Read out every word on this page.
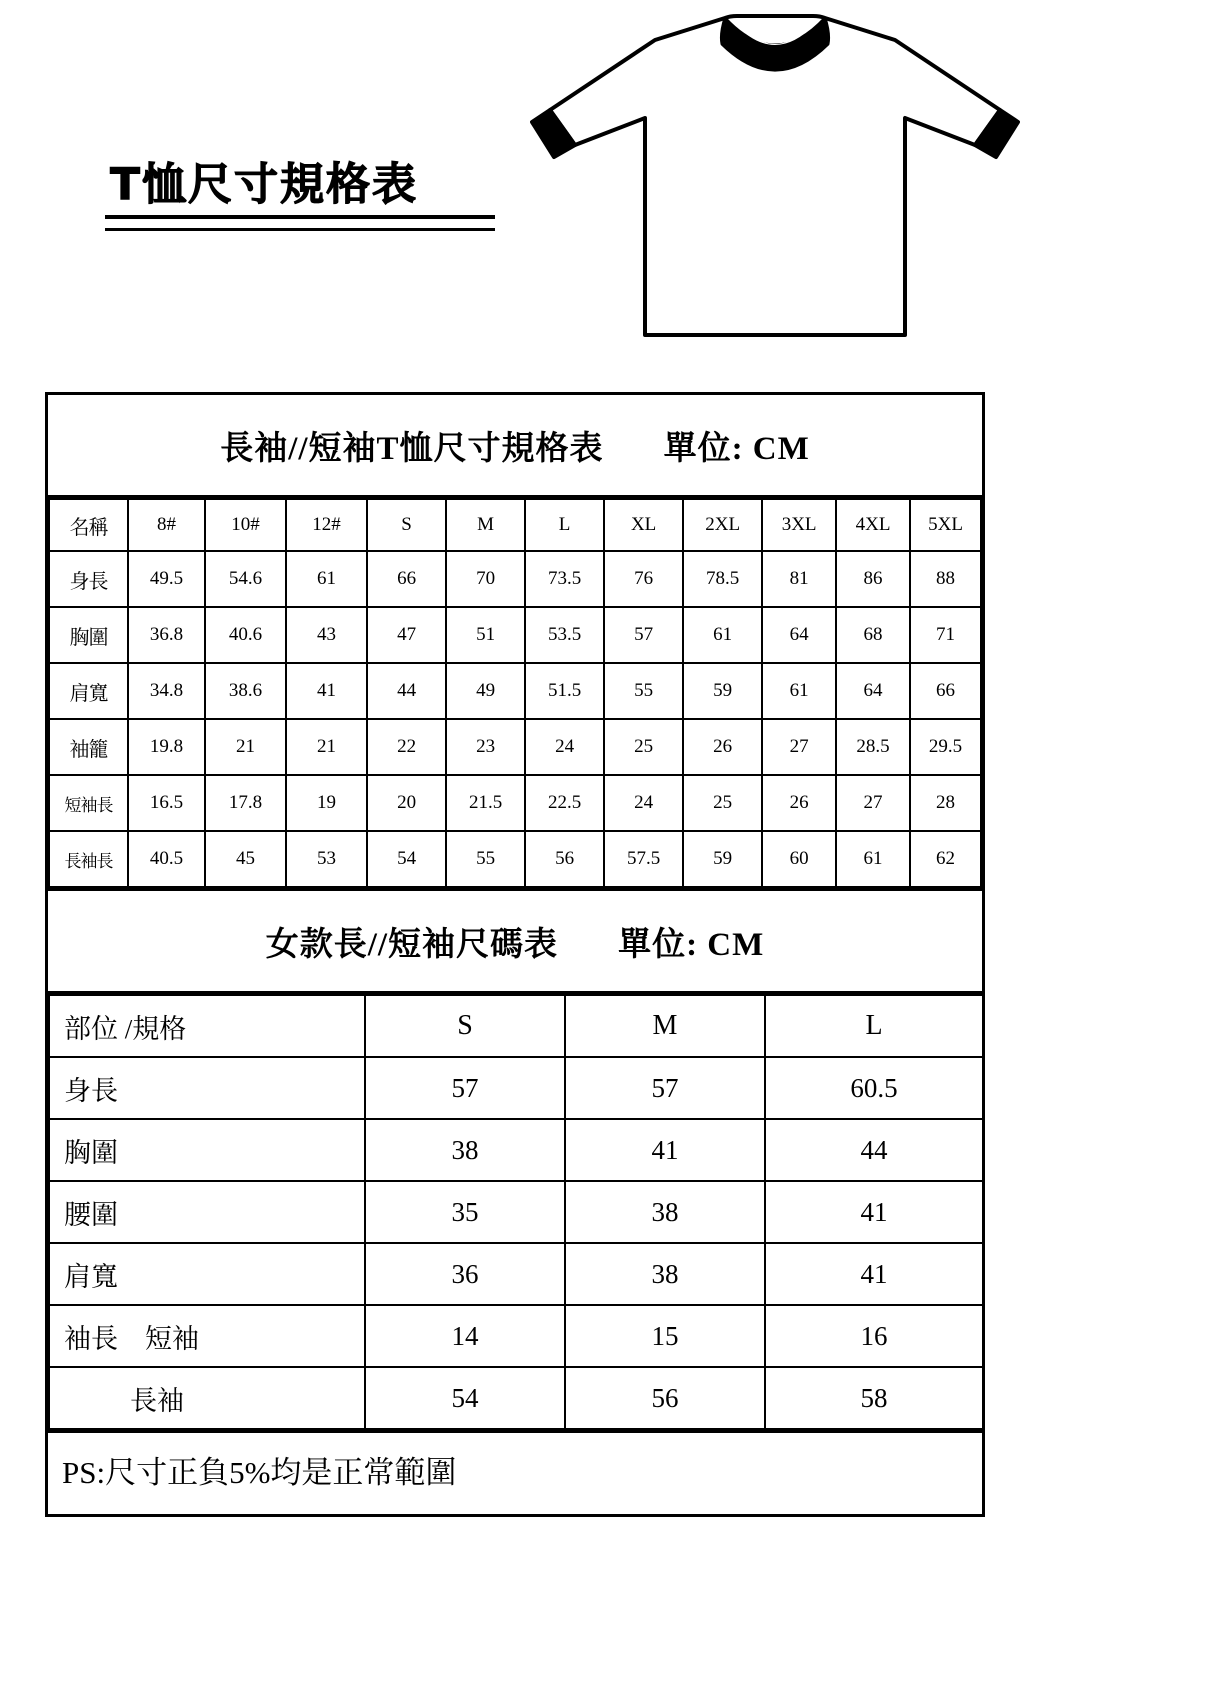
T恤尺寸規格表
長袖//短袖T恤尺寸規格表 單位: CM
名稱	8#	10#	12#	S	M	L	XL	2XL	3XL	4XL	5XL
身長	49.5	54.6	61	66	70	73.5	76	78.5	81	86	88
胸圍	36.8	40.6	43	47	51	53.5	57	61	64	68	71
肩寬	34.8	38.6	41	44	49	51.5	55	59	61	64	66
袖籠	19.8	21	21	22	23	24	25	26	27	28.5	29.5
短袖長	16.5	17.8	19	20	21.5	22.5	24	25	26	27	28
長袖長	40.5	45	53	54	55	56	57.5	59	60	61	62
女款長//短袖尺碼表 單位: CM
部位 /規格	S	M	L
身長	57	57	60.5
胸圍	38	41	44
腰圍	35	38	41
肩寬	36	38	41
袖長　短袖	14	15	16
長袖	54	56	58
PS:尺寸正負5%均是正常範圍
